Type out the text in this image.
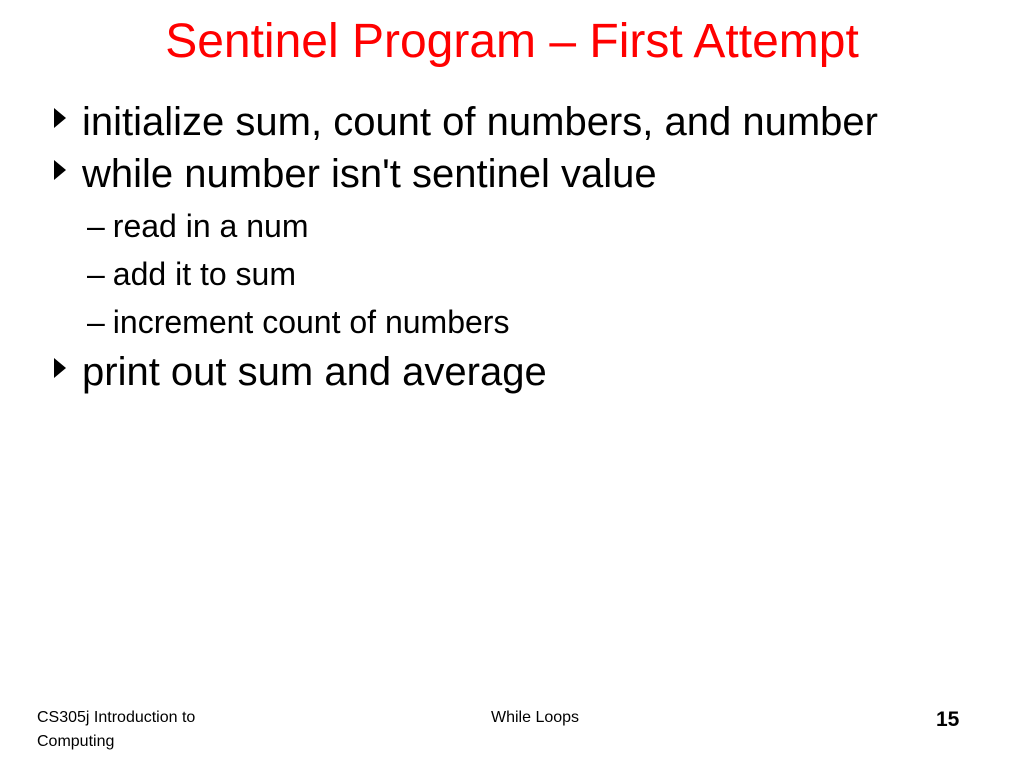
Sentinel Program – First Attempt
initialize sum, count of numbers, and number
while number isn't sentinel value
– read in a num
– add it to sum
– increment count of numbers
print out sum and average
CS305j Introduction to
Computing
While Loops	15
